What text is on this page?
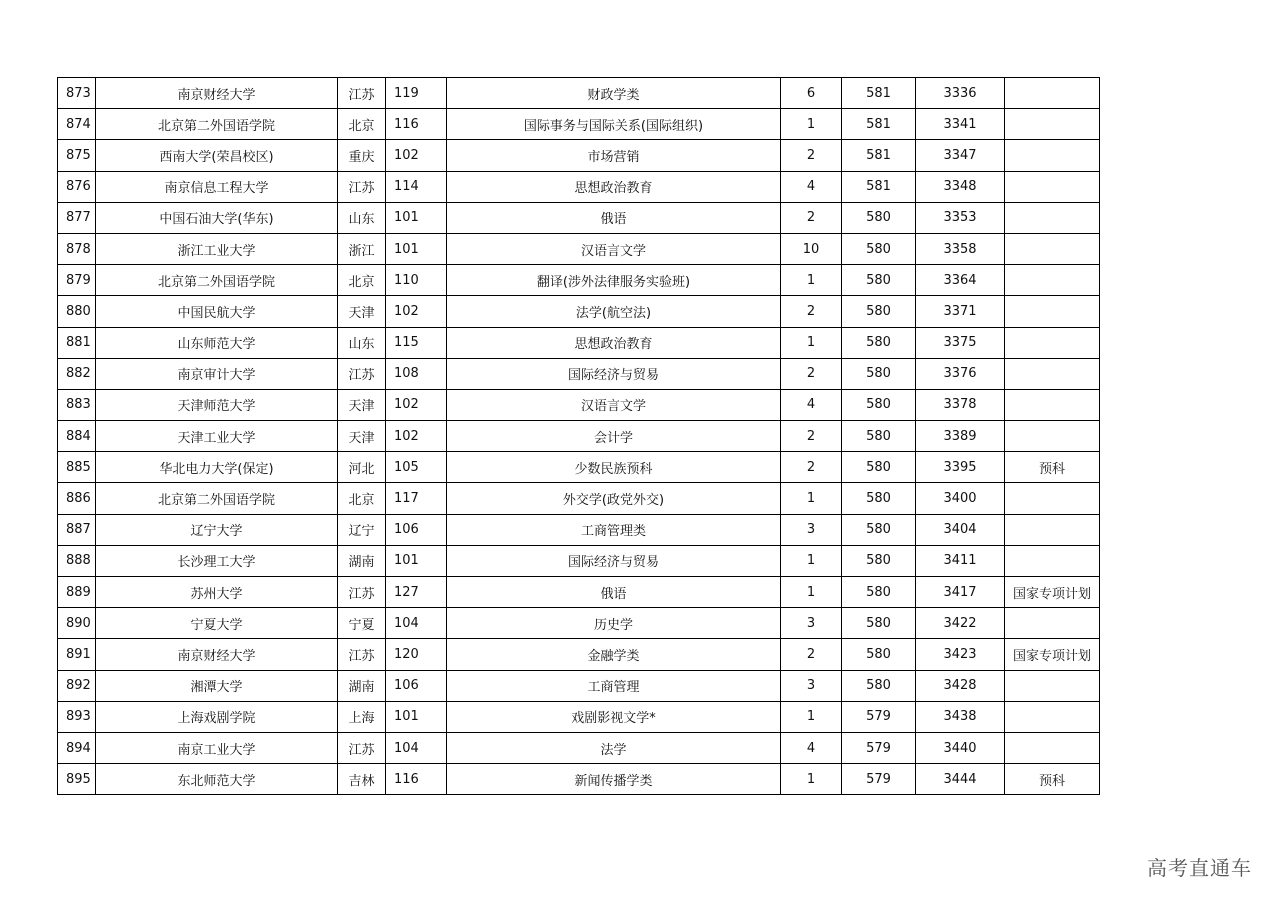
873	南京财经大学	江苏	119	财政学类	6	581	3336	
874	北京第二外国语学院	北京	116	国际事务与国际关系(国际组织)	1	581	3341	
875	西南大学(荣昌校区)	重庆	102	市场营销	2	581	3347	
876	南京信息工程大学	江苏	114	思想政治教育	4	581	3348	
877	中国石油大学(华东)	山东	101	俄语	2	580	3353	
878	浙江工业大学	浙江	101	汉语言文学	10	580	3358	
879	北京第二外国语学院	北京	110	翻译(涉外法律服务实验班)	1	580	3364	
880	中国民航大学	天津	102	法学(航空法)	2	580	3371	
881	山东师范大学	山东	115	思想政治教育	1	580	3375	
882	南京审计大学	江苏	108	国际经济与贸易	2	580	3376	
883	天津师范大学	天津	102	汉语言文学	4	580	3378	
884	天津工业大学	天津	102	会计学	2	580	3389	
885	华北电力大学(保定)	河北	105	少数民族预科	2	580	3395	预科
886	北京第二外国语学院	北京	117	外交学(政党外交)	1	580	3400	
887	辽宁大学	辽宁	106	工商管理类	3	580	3404	
888	长沙理工大学	湖南	101	国际经济与贸易	1	580	3411	
889	苏州大学	江苏	127	俄语	1	580	3417	国家专项计划
890	宁夏大学	宁夏	104	历史学	3	580	3422	
891	南京财经大学	江苏	120	金融学类	2	580	3423	国家专项计划
892	湘潭大学	湖南	106	工商管理	3	580	3428	
893	上海戏剧学院	上海	101	戏剧影视文学*	1	579	3438	
894	南京工业大学	江苏	104	法学	4	579	3440	
895	东北师范大学	吉林	116	新闻传播学类	1	579	3444	预科
高考直通车
